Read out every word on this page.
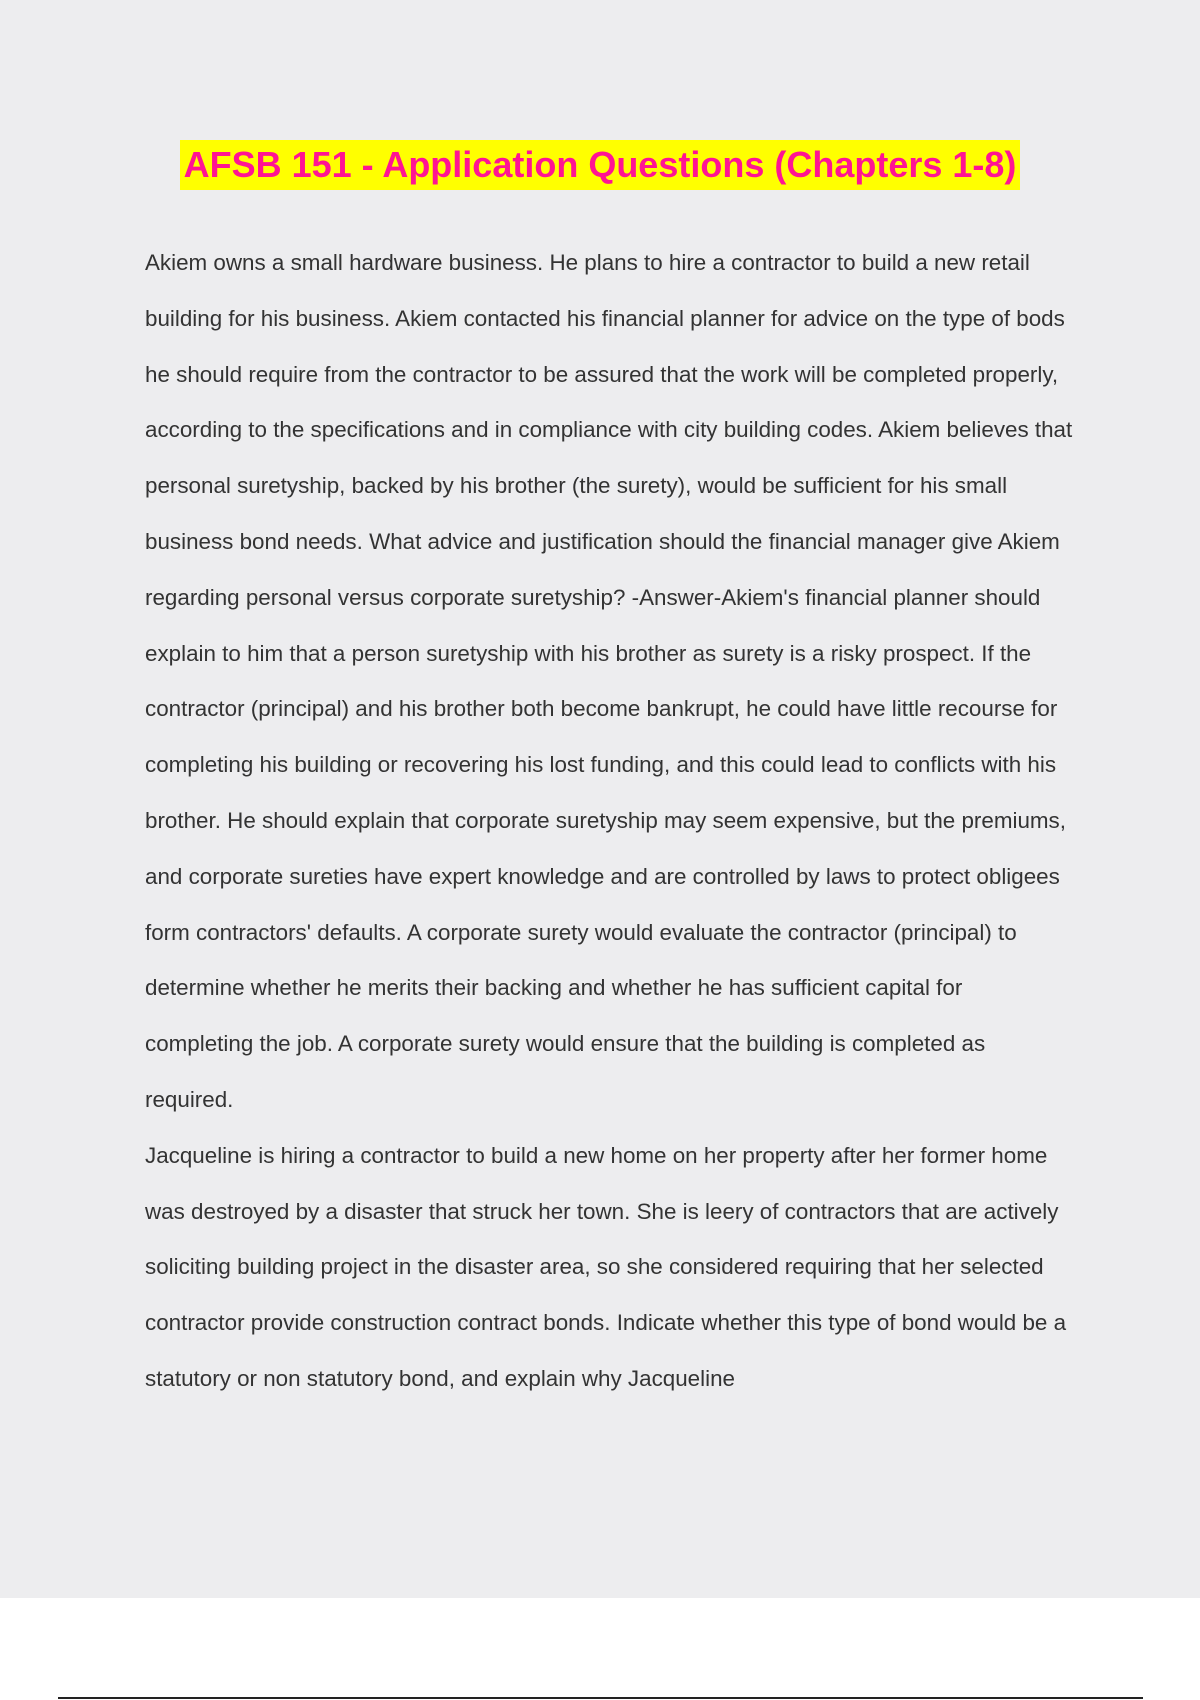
AFSB 151 - Application Questions (Chapters 1-8)

Akiem owns a small hardware business. He plans to hire a contractor to build a new retail building for his business. Akiem contacted his financial planner for advice on the type of bods he should require from the contractor to be assured that the work will be completed properly, according to the specifications and in compliance with city building codes. Akiem believes that personal suretyship, backed by his brother (the surety), would be sufficient for his small business bond needs. What advice and justification should the financial manager give Akiem regarding personal versus corporate suretyship? -Answer-Akiem's financial planner should explain to him that a person suretyship with his brother as surety is a risky prospect. If the contractor (principal) and his brother both become bankrupt, he could have little recourse for completing his building or recovering his lost funding, and this could lead to conflicts with his brother. He should explain that corporate suretyship may seem expensive, but the premiums, and corporate sureties have expert knowledge and are controlled by laws to protect obligees form contractors' defaults. A corporate surety would evaluate the contractor (principal) to determine whether he merits their backing and whether he has sufficient capital for completing the job. A corporate surety would ensure that the building is completed as required.

Jacqueline is hiring a contractor to build a new home on her property after her former home was destroyed by a disaster that struck her town. She is leery of contractors that are actively soliciting building project in the disaster area, so she considered requiring that her selected contractor provide construction contract bonds. Indicate whether this type of bond would be a statutory or non statutory bond, and explain why Jacqueline
